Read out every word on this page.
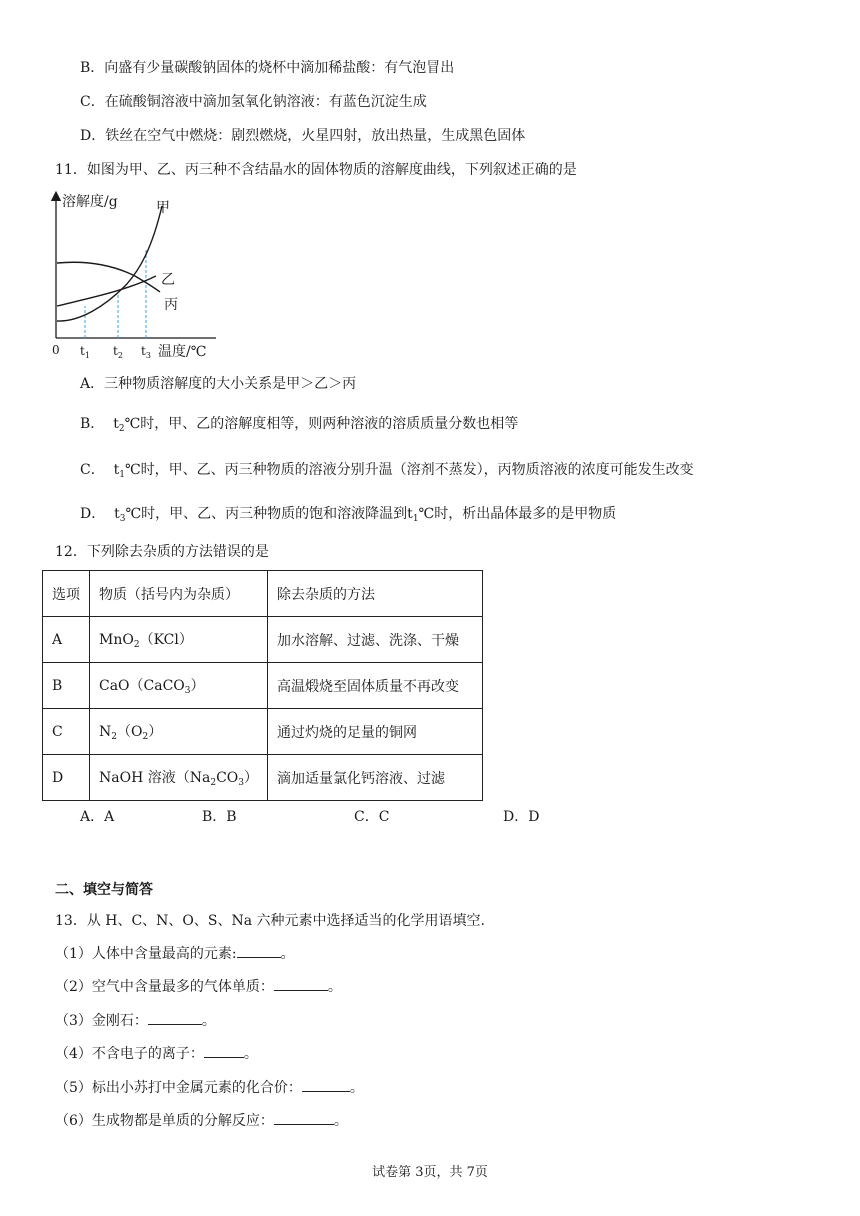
B．向盛有少量碳酸钠固体的烧杯中滴加稀盐酸：有气泡冒出
C．在硫酸铜溶液中滴加氢氧化钠溶液：有蓝色沉淀生成
D．铁丝在空气中燃烧：剧烈燃烧，火星四射，放出热量，生成黑色固体
11．如图为甲、乙、丙三种不含结晶水的固体物质的溶解度曲线，下列叙述正确的是
溶解度/g	甲
乙
丙
0 $t_1$ $t_2$ $t_3$ 温度/℃
A．三种物质溶解度的大小关系是甲＞乙＞丙
B． $t_2℃$时，甲、乙的溶解度相等，则两种溶液的溶质质量分数也相等
C． $t_1℃$时，甲、乙、丙三种物质的溶液分别升温（溶剂不蒸发），丙物质溶液的浓度可能发生改变
D． $t_3℃$时，甲、乙、丙三种物质的饱和溶液降温到$t_1℃$时，析出晶体最多的是甲物质
12．下列除去杂质的方法错误的是
选项	物质（括号内为杂质）	除去杂质的方法
A	MnO$_2$（KCl）	加水溶解、过滤、洗涤、干燥
B	CaO（CaCO$_3$）	高温煅烧至固体质量不再改变
C	$N_2(O_2)$	通过灼烧的足量的铜网
D	NaOH 溶液$(Na_2CO_3)$	滴加适量氯化钙溶液、过滤
A．A	B．B	C．C	D．D
二、填空与简答
13．从 H、C、N、O、S、Na 六种元素中选择适当的化学用语填空.
（1）人体中含量最高的元素:	。
（2）空气中含量最多的气体单质：	。
（3）金刚石：	。
（4）不含电子的离子：	。
（5）标出小苏打中金属元素的化合价：	。
（6）生成物都是单质的分解反应：	。
试卷第 3页，共 7页
